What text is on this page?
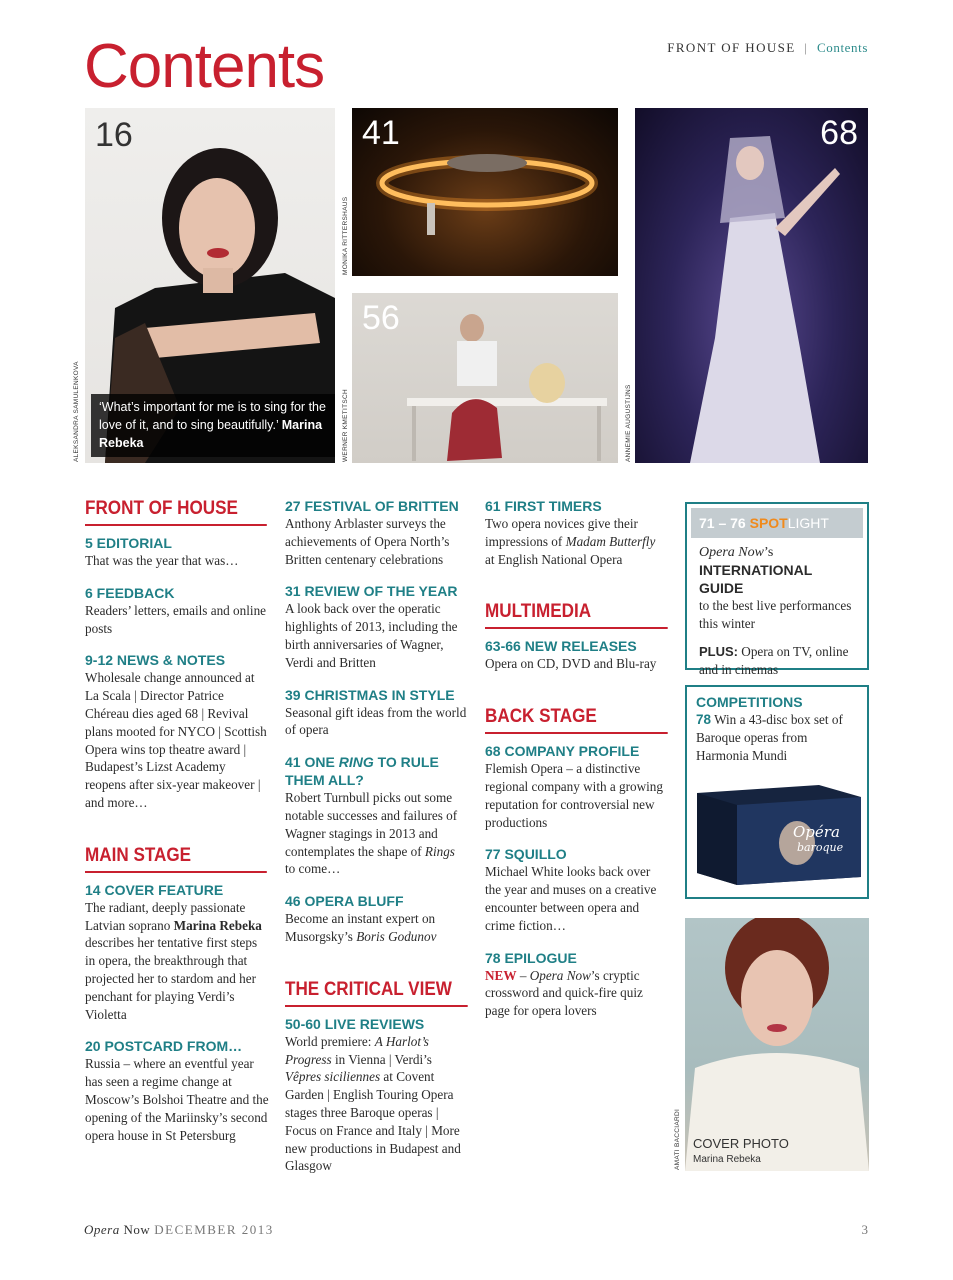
Contents	FRONT OF HOUSE | Contents
16
‘What’s important for me is to sing for the love of it, and to sing beautifully.’ Marina Rebeka
ALEKSANDRA SAMULENKOVA
41
MONIKA RITTERSHAUS
56
WERNER KMETITSCH
68
ANNEMIE AUGUSTIJNS
FRONT OF HOUSE

5 EDITORIAL

That was the year that was…

6 FEEDBACK

Readers’ letters, emails and online posts

9-12 NEWS & NOTES

Wholesale change announced at La Scala | Director Patrice Chéreau dies aged 68 | Revival plans mooted for NYCO | Scottish Opera wins top theatre award | Budapest’s Lizst Academy reopens after six-year makeover | and more…

MAIN STAGE

14 COVER FEATURE

The radiant, deeply passionate Latvian soprano Marina Rebeka describes her tentative first steps in opera, the breakthrough that projected her to stardom and her penchant for playing Verdi’s Violetta

20 POSTCARD FROM…

Russia – where an eventful year has seen a regime change at Moscow’s Bolshoi Theatre and the opening of the Mariinsky’s second opera house in St Petersburg

27 FESTIVAL OF BRITTEN

Anthony Arblaster surveys the achievements of Opera North’s Britten centenary celebrations

31 REVIEW OF THE YEAR

A look back over the operatic highlights of 2013, including the birth anniversaries of Wagner, Verdi and Britten

39 CHRISTMAS IN STYLE

Seasonal gift ideas from the world of opera

41 ONE RING TO RULE THEM ALL?

Robert Turnbull picks out some notable successes and failures of Wagner stagings in 2013 and contemplates the shape of Rings to come…

46 OPERA BLUFF

Become an instant expert on Musorgsky’s Boris Godunov

THE CRITICAL VIEW

50-60 LIVE REVIEWS

World premiere: A Harlot’s Progress in Vienna | Verdi’s Vêpres siciliennes at Covent Garden | English Touring Opera stages three Baroque operas | Focus on France and Italy | More new productions in Budapest and Glasgow

61 FIRST TIMERS

Two opera novices give their impressions of Madam Butterfly at English National Opera

MULTIMEDIA

63-66 NEW RELEASES

Opera on CD, DVD and Blu-ray

BACK STAGE

68 COMPANY PROFILE

Flemish Opera – a distinctive regional company with a growing reputation for controversial new productions

77 SQUILLO

Michael White looks back over the year and muses on a creative encounter between opera and crime fiction…

78 EPILOGUE

NEW – Opera Now’s cryptic crossword and quick-fire quiz page for opera lovers

71 – 76 SPOTLIGHT
Opera Now’s
INTERNATIONAL GUIDE
to the best live performances this winter
PLUS: Opera on TV, online and in cinemas
COMPETITIONS
78 Win a 43-disc box set of Baroque operas from Harmonia Mundi
Opéra
baroque
COVER PHOTO
Marina Rebeka
AMATI BACCIARDI
Opera Now DECEMBER 2013	3
